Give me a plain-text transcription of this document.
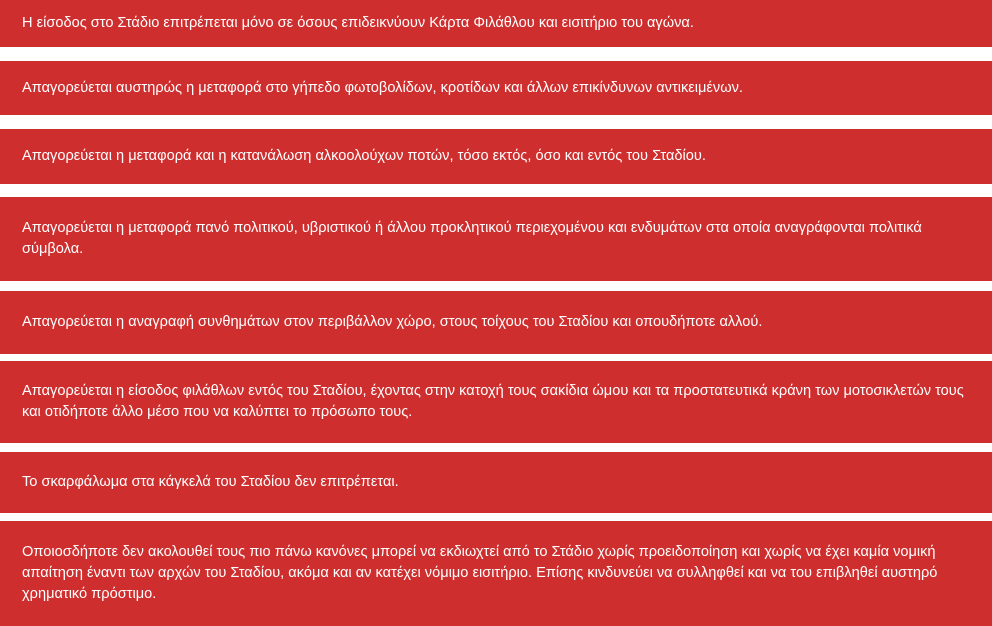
Η είσοδος στο Στάδιο επιτρέπεται μόνο σε όσους επιδεικνύουν Κάρτα Φιλάθλου και εισιτήριο του αγώνα.
Απαγορεύεται αυστηρώς η μεταφορά στο γήπεδο φωτοβολίδων, κροτίδων και άλλων επικίνδυνων αντικειμένων.
Απαγορεύεται η μεταφορά και η κατανάλωση αλκοολούχων ποτών, τόσο εκτός, όσο και εντός του Σταδίου.
Απαγορεύεται η μεταφορά πανό πολιτικού, υβριστικού ή άλλου προκλητικού περιεχομένου και ενδυμάτων στα οποία αναγράφονται πολιτικά σύμβολα.
Απαγορεύεται η αναγραφή συνθημάτων στον περιβάλλον χώρο, στους τοίχους του Σταδίου και οπουδήποτε αλλού.
Απαγορεύεται η είσοδος φιλάθλων εντός του Σταδίου, έχοντας στην κατοχή τους σακίδια ώμου και τα προστατευτικά κράνη των μοτοσικλετών τους και οτιδήποτε άλλο μέσο που να καλύπτει το πρόσωπο τους.
Το σκαρφάλωμα στα κάγκελά του Σταδίου δεν επιτρέπεται.
Οποιοσδήποτε δεν ακολουθεί τους πιο πάνω κανόνες μπορεί να εκδιωχτεί από το Στάδιο χωρίς προειδοποίηση και χωρίς να έχει καμία νομική απαίτηση έναντι των αρχών του Σταδίου, ακόμα και αν κατέχει νόμιμο εισιτήριο. Επίσης κινδυνεύει να συλληφθεί και να του επιβληθεί αυστηρό χρηματικό πρόστιμο.
